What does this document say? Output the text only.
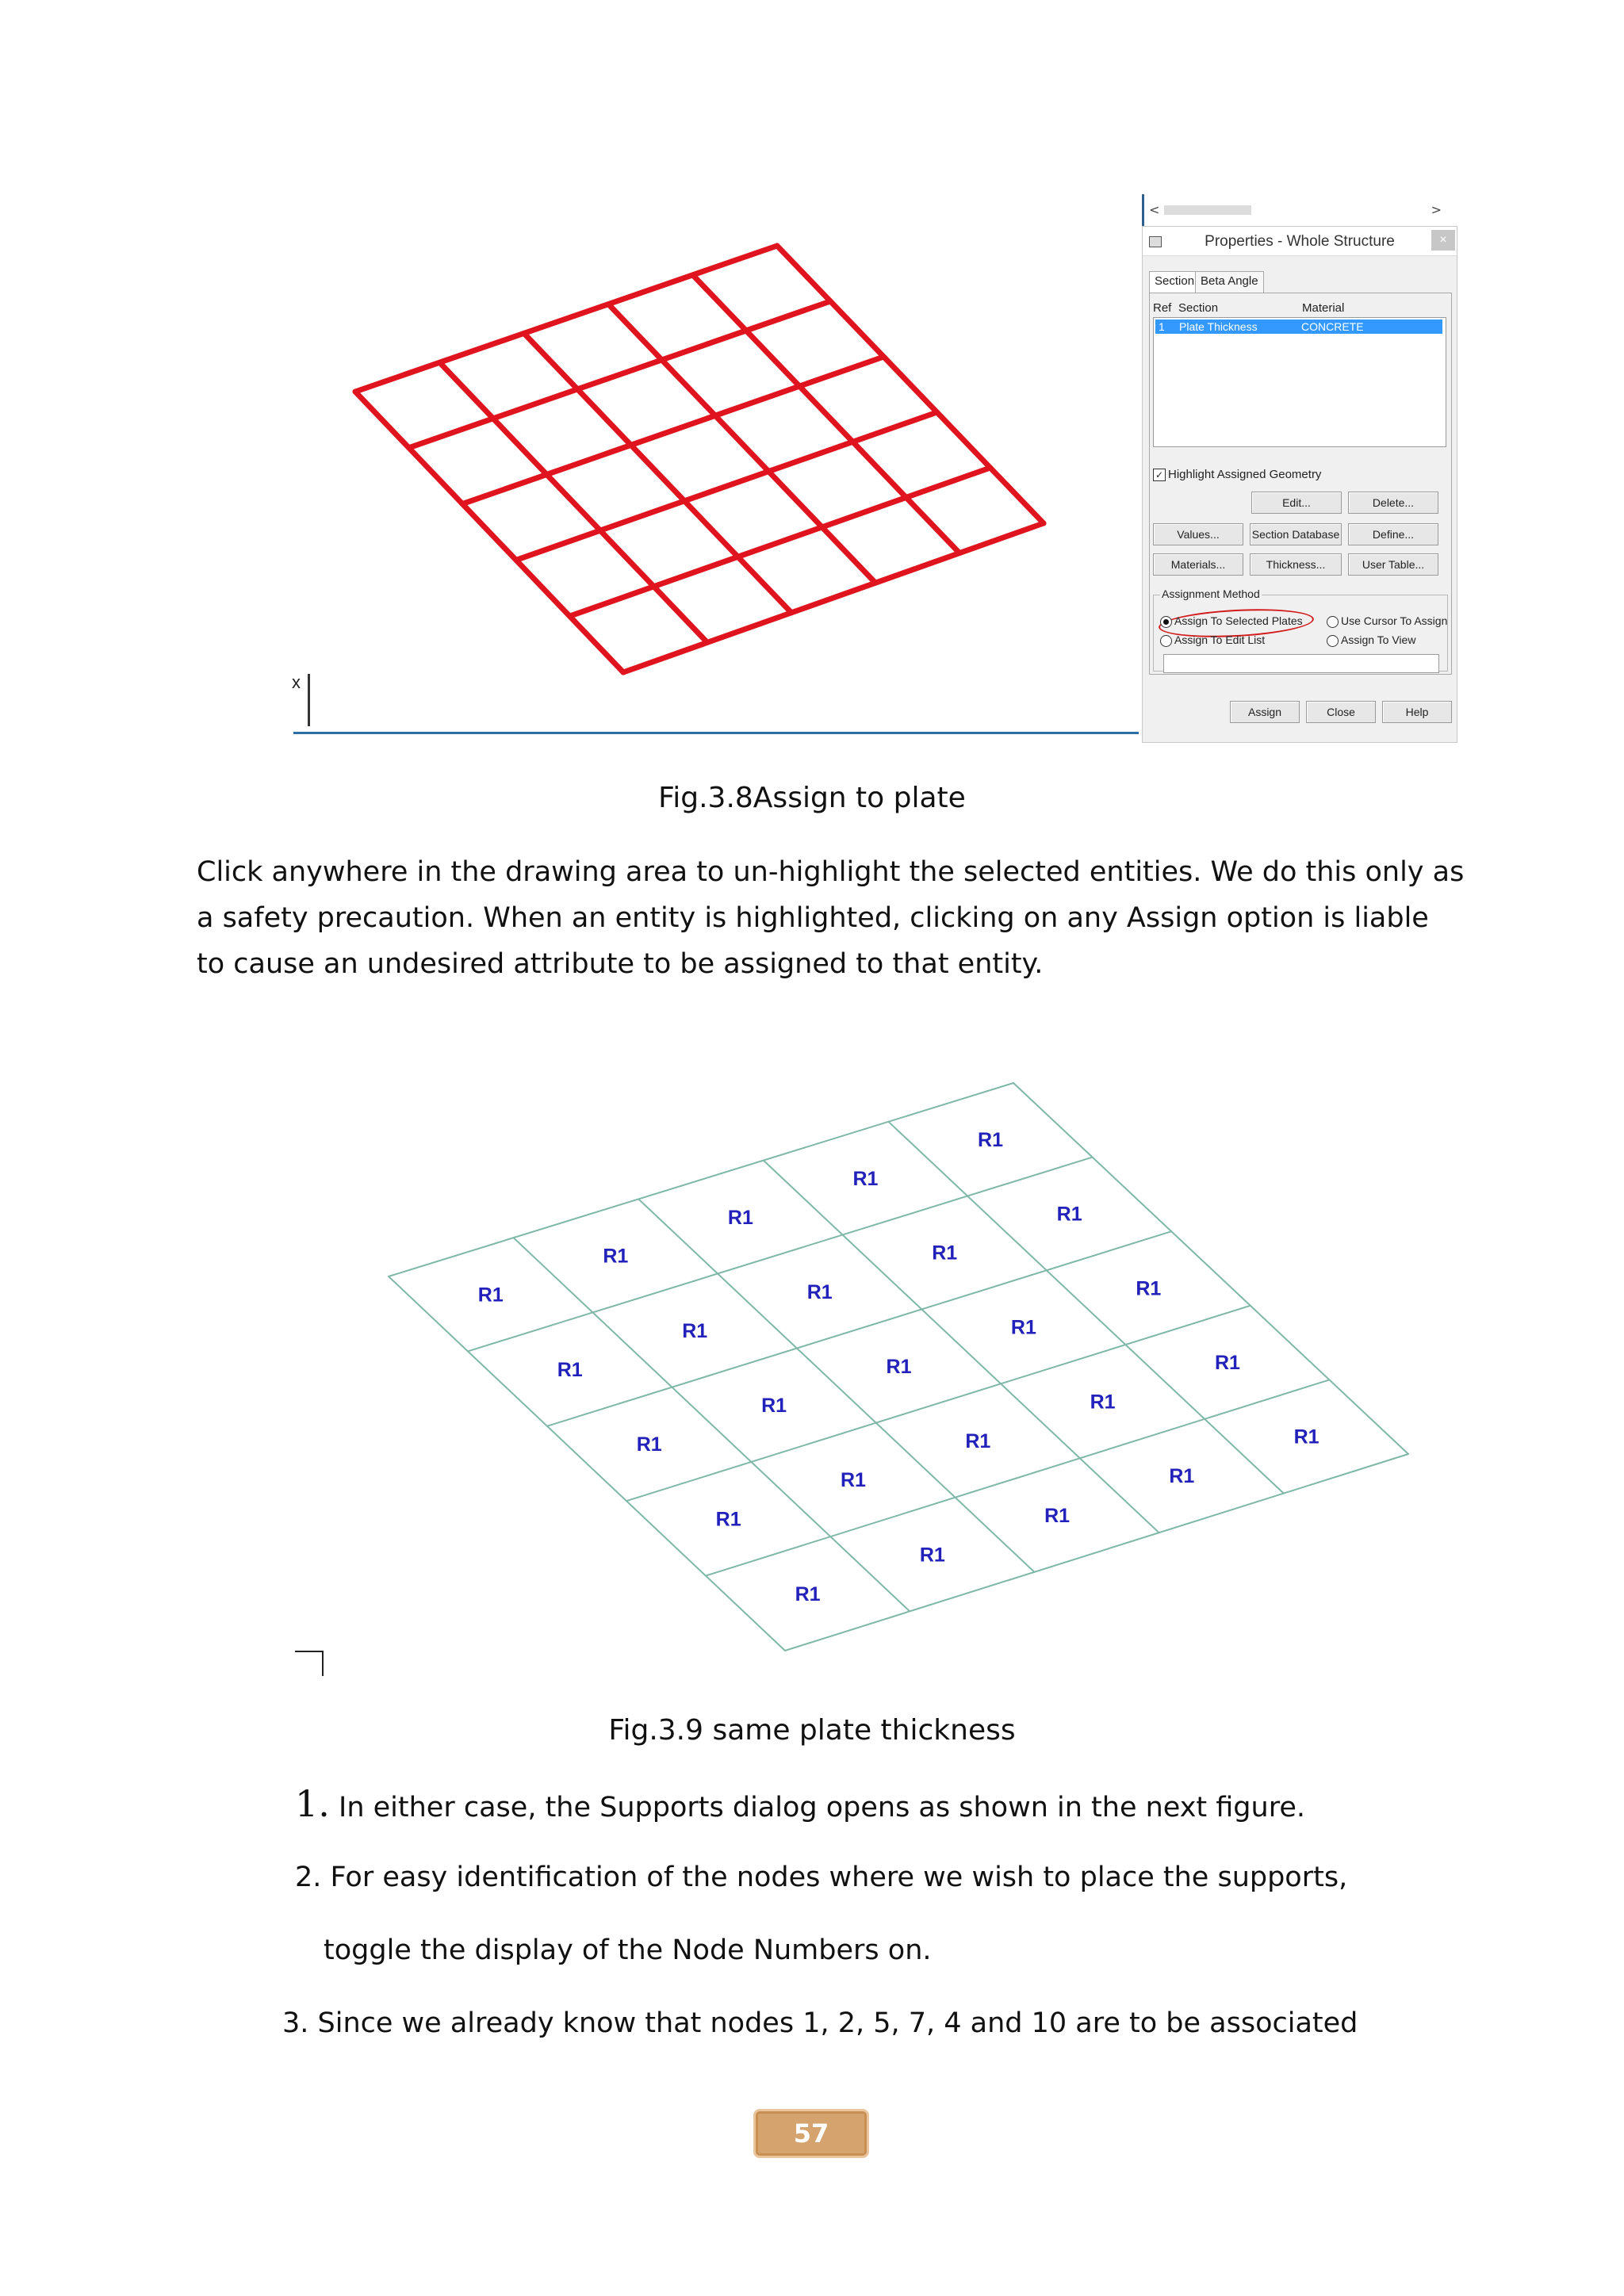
<	>
x
Properties - Whole Structure	×
Section Beta Angle
Ref Section	Material
1 Plate Thickness	CONCRETE
✓ Highlight Assigned Geometry
Edit...	Delete...
Values...	Section Database	Define...
Materials...	Thickness...	User Table...
Assignment Method
Assign To Selected Plates	Use Cursor To Assign
Assign To Edit List	Assign To View
Assign	Close	Help
Fig.3.8Assign to plate
Click anywhere in the drawing area to un-highlight the selected entities. We do this only as a safety precaution. When an entity is highlighted, clicking on any Assign option is liable to cause an undesired attribute to be assigned to that entity.
R1
R1
R1
R1
R1
R1
R1
R1
R1
R1
R1
R1
R1
R1
R1
R1
R1
R1
R1
R1
R1
R1
R1
R1
R1
Fig.3.9 same plate thickness
1. In either case, the Supports dialog opens as shown in the next figure.
2. For easy identification of the nodes where we wish to place the supports,
toggle the display of the Node Numbers on.
3. Since we already know that nodes 1, 2, 5, 7, 4 and 10 are to be associated
57
